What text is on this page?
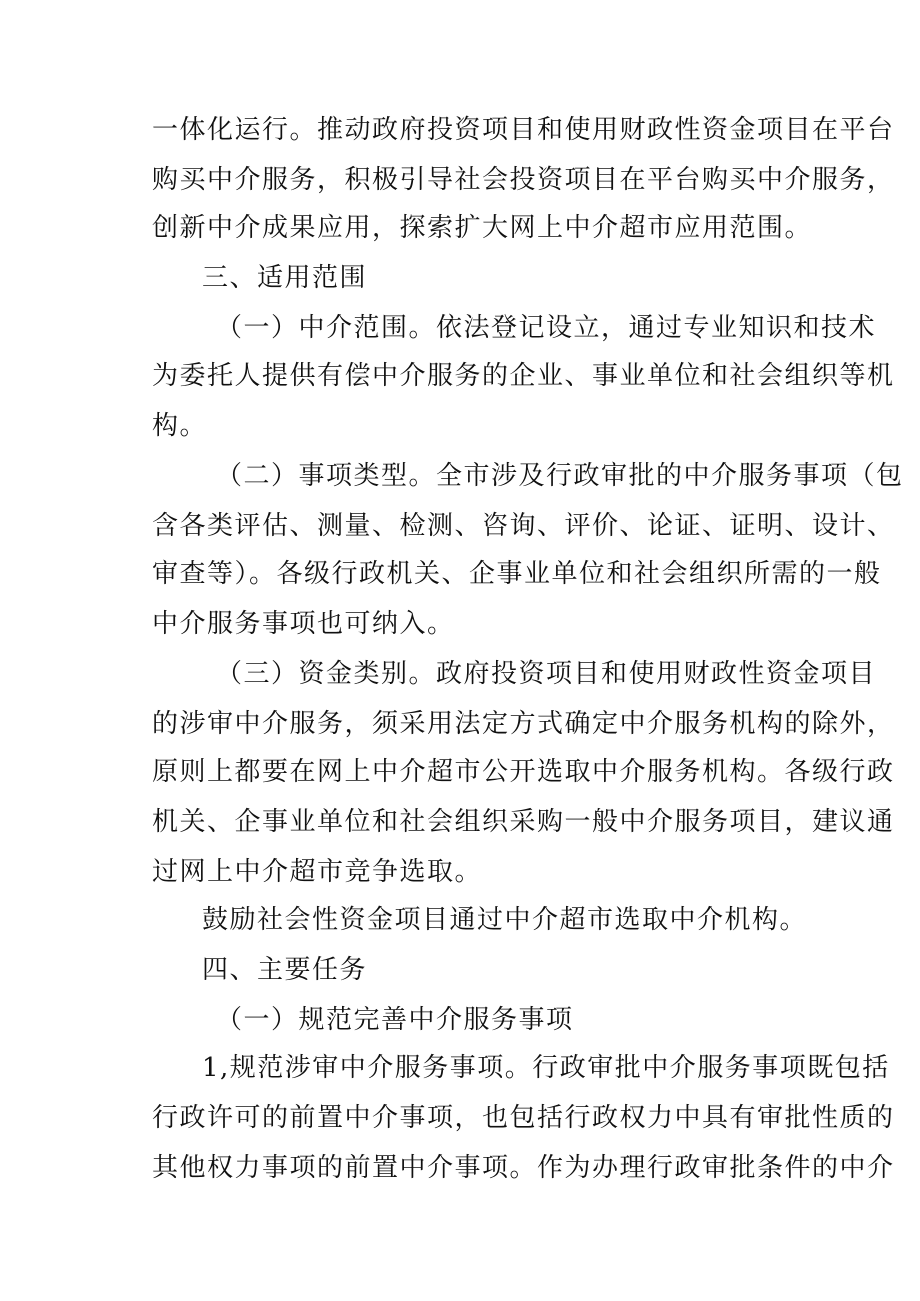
一体化运行。推动政府投资项目和使用财政性资金项目在平台
购买中介服务，积极引导社会投资项目在平台购买中介服务，
创新中介成果应用，探索扩大网上中介超市应用范围。
三、适用范围
（一）中介范围。依法登记设立，通过专业知识和技术
为委托人提供有偿中介服务的企业、事业单位和社会组织等机
构。
（二）事项类型。全市涉及行政审批的中介服务事项（包
含各类评估、测量、检测、咨询、评价、论证、证明、设计、
审查等）。各级行政机关、企事业单位和社会组织所需的一般
中介服务事项也可纳入。
（三）资金类别。政府投资项目和使用财政性资金项目
的涉审中介服务，须采用法定方式确定中介服务机构的除外，
原则上都要在网上中介超市公开选取中介服务机构。各级行政
机关、企事业单位和社会组织采购一般中介服务项目，建议通
过网上中介超市竞争选取。
鼓励社会性资金项目通过中介超市选取中介机构。
四、主要任务
（一）规范完善中介服务事项
1,规范涉审中介服务事项。行政审批中介服务事项既包括
行政许可的前置中介事项，也包括行政权力中具有审批性质的
其他权力事项的前置中介事项。作为办理行政审批条件的中介
